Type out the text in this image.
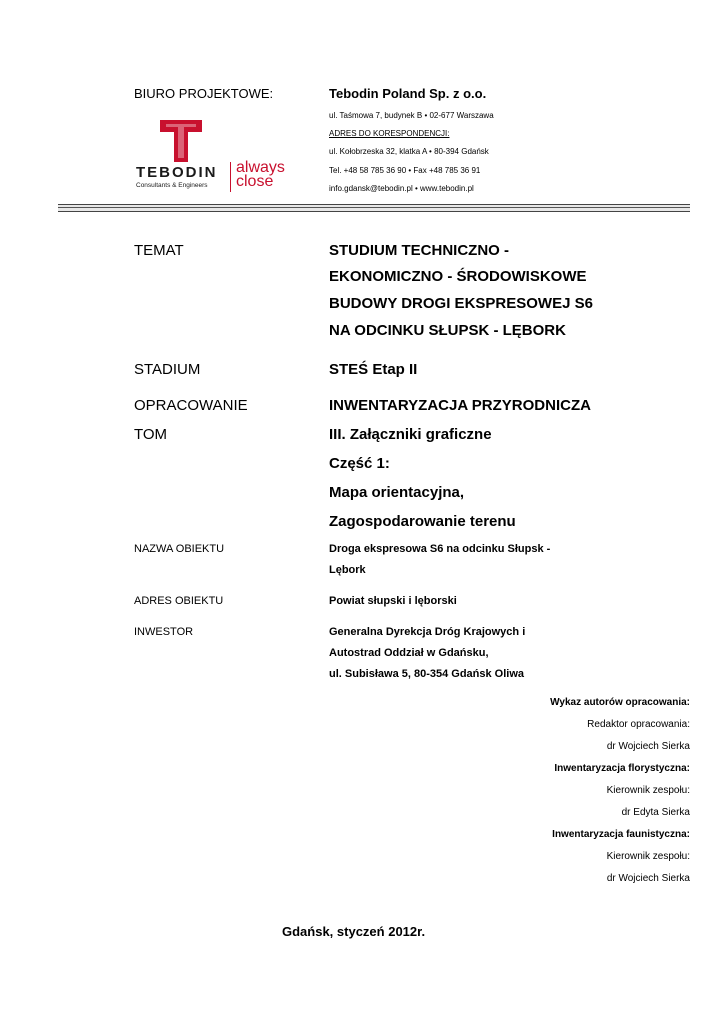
BIURO PROJEKTOWE:	Tebodin Poland Sp. z o.o.
ul. Taśmowa 7, budynek B • 02-677 Warszawa
ADRES DO KORESPONDENCJI:
ul. Kołobrzeska 32, klatka A • 80-394 Gdańsk
Tel. +48 58 785 36 90 • Fax +48 785 36 91
info.gdansk@tebodin.pl • www.tebodin.pl
TEBODIN
Consultants & Engineers
always
close
TEMAT	STUDIUM TECHNICZNO -
EKONOMICZNO - ŚRODOWISKOWE
BUDOWY DROGI EKSPRESOWEJ S6
NA ODCINKU SŁUPSK - LĘBORK
STADIUM	STEŚ Etap II
OPRACOWANIE	INWENTARYZACJA PRZYRODNICZA
TOM	III. Załączniki graficzne
Część 1:
Mapa orientacyjna,
Zagospodarowanie terenu
NAZWA OBIEKTU	Droga ekspresowa S6 na odcinku Słupsk -
Lębork
ADRES OBIEKTU	Powiat słupski i lęborski
INWESTOR	Generalna Dyrekcja Dróg Krajowych i
Autostrad Oddział w Gdańsku,
ul. Subisława 5, 80-354 Gdańsk Oliwa
Wykaz autorów opracowania:
Redaktor opracowania:
dr Wojciech Sierka
Inwentaryzacja florystyczna:
Kierownik zespołu:
dr Edyta Sierka
Inwentaryzacja faunistyczna:
Kierownik zespołu:
dr Wojciech Sierka
Gdańsk, styczeń 2012r.
